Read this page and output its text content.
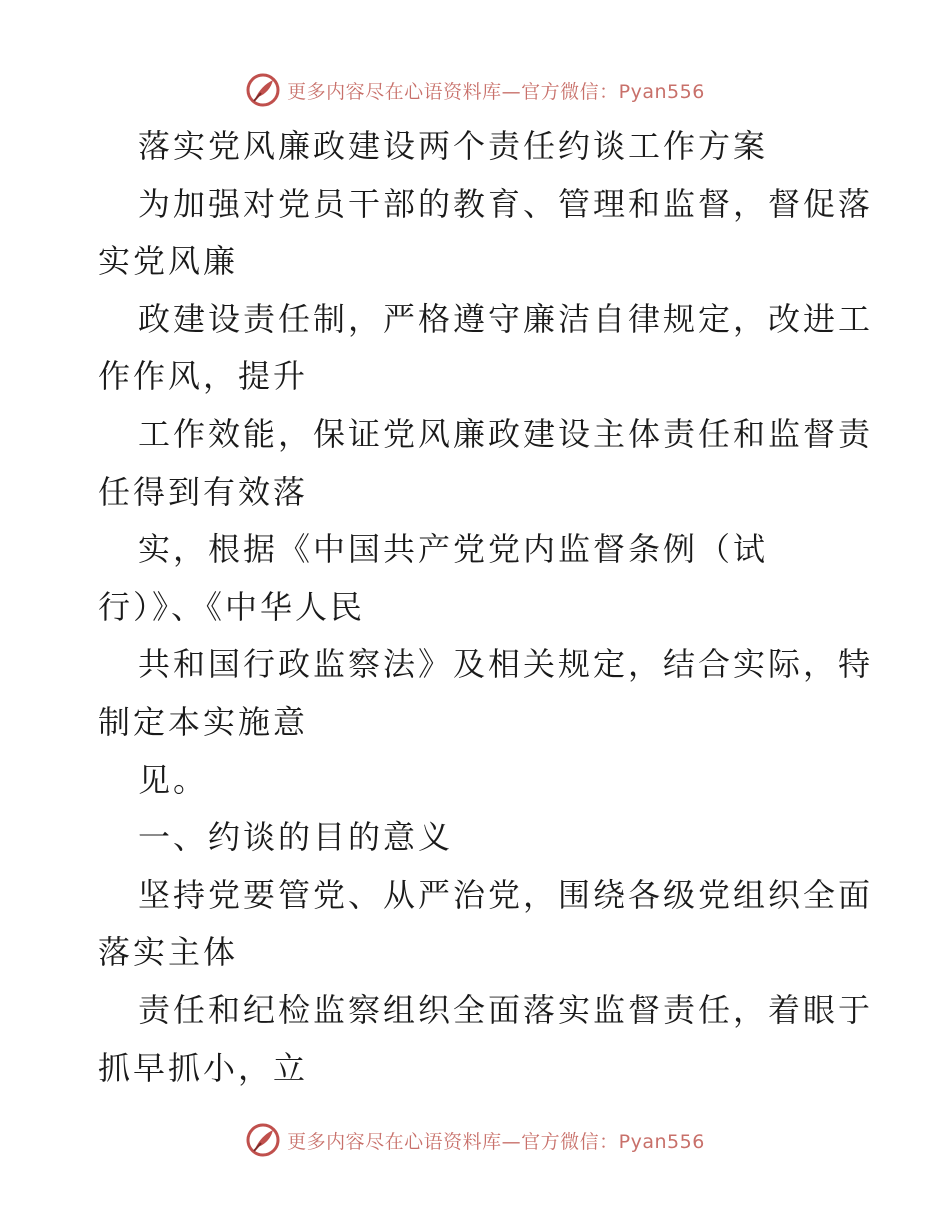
更多内容尽在心语资料库—官方微信：Pyan556
落实党风廉政建设两个责任约谈工作方案
为加强对党员干部的教育、管理和监督，督促落
实党风廉
政建设责任制，严格遵守廉洁自律规定，改进工
作作风，提升
工作效能，保证党风廉政建设主体责任和监督责
任得到有效落
实，根据《中国共产党党内监督条例（试
行）》、《中华人民
共和国行政监察法》及相关规定，结合实际，特
制定本实施意
见。
一、约谈的目的意义
坚持党要管党、从严治党，围绕各级党组织全面
落实主体
责任和纪检监察组织全面落实监督责任，着眼于
抓早抓小，立
更多内容尽在心语资料库—官方微信：Pyan556
